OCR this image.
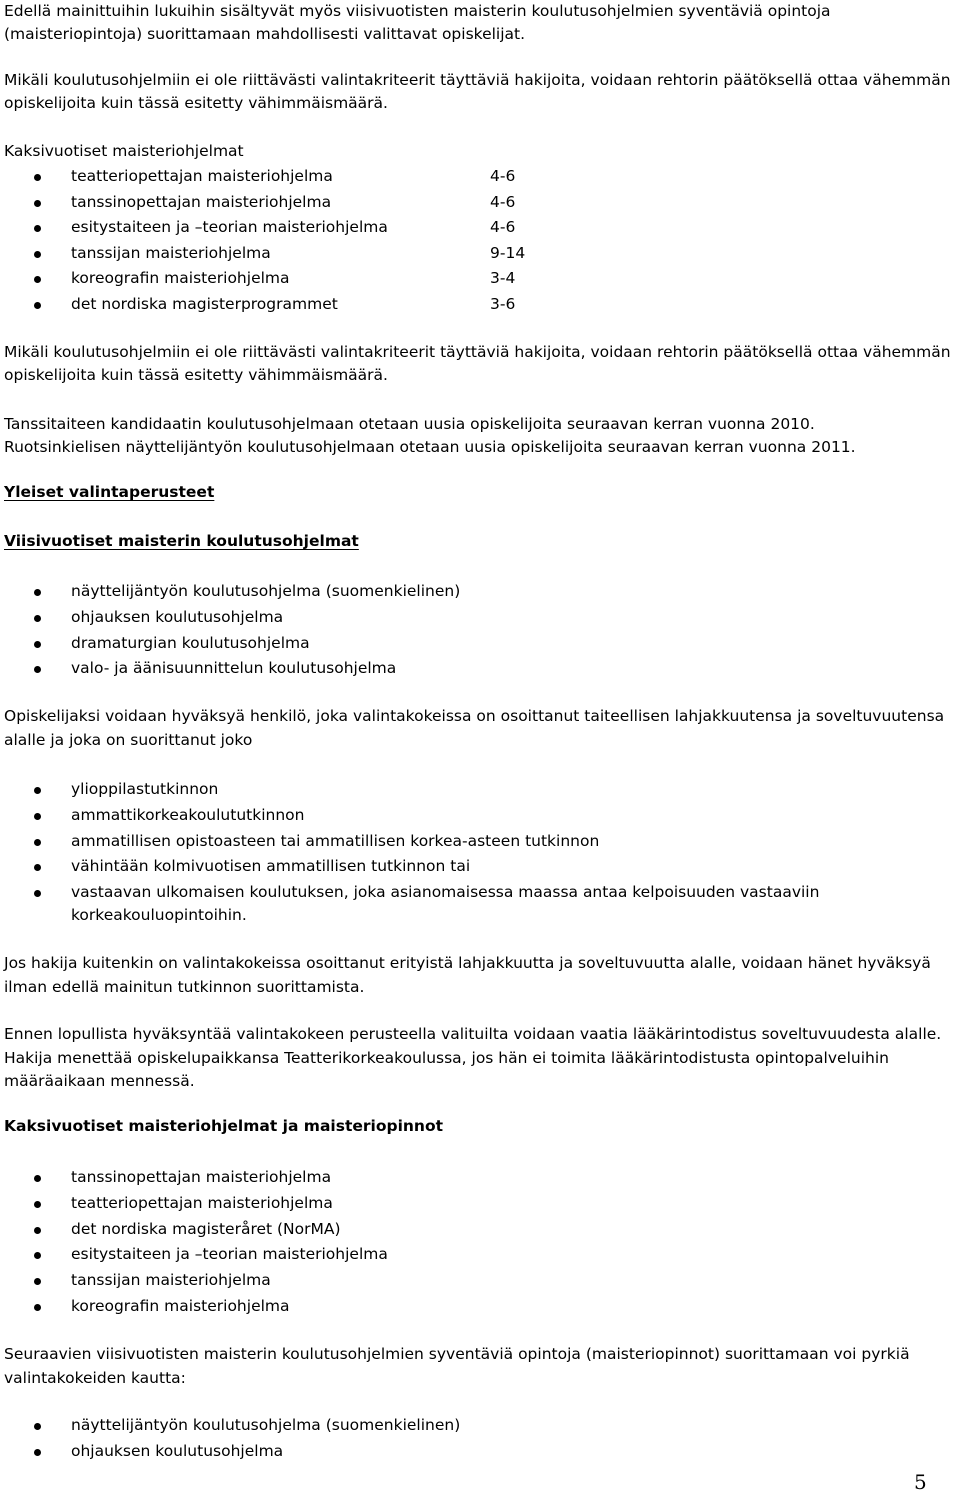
Edellä mainittuihin lukuihin sisältyvät myös viisivuotisten maisterin koulutusohjelmien syventäviä opintoja (maisteriopintoja) suorittamaan mahdollisesti valittavat opiskelijat.

Mikäli koulutusohjelmiin ei ole riittävästi valintakriteerit täyttäviä hakijoita, voidaan rehtorin päätöksellä ottaa vähemmän opiskelijoita kuin tässä esitetty vähimmäismäärä.

Kaksivuotiset maisteriohjelmat

teatteriopettajan maisteriohjelma	4-6
tanssinopettajan maisteriohjelma	4-6
esitystaiteen ja –teorian maisteriohjelma	4-6
tanssijan maisteriohjelma	9-14
koreografin maisteriohjelma	3-4
det nordiska magisterprogrammet	3-6

Mikäli koulutusohjelmiin ei ole riittävästi valintakriteerit täyttäviä hakijoita, voidaan rehtorin päätöksellä ottaa vähemmän opiskelijoita kuin tässä esitetty vähimmäismäärä.

Tanssitaiteen kandidaatin koulutusohjelmaan otetaan uusia opiskelijoita seuraavan kerran vuonna 2010.

Ruotsinkielisen näyttelijäntyön koulutusohjelmaan otetaan uusia opiskelijoita seuraavan kerran vuonna 2011.

Yleiset valintaperusteet
Viisivuotiset maisterin koulutusohjelmat
näyttelijäntyön koulutusohjelma (suomenkielinen)
ohjauksen koulutusohjelma
dramaturgian koulutusohjelma
valo- ja äänisuunnittelun koulutusohjelma

Opiskelijaksi voidaan hyväksyä henkilö, joka valintakokeissa on osoittanut taiteellisen lahjakkuutensa ja soveltuvuutensa alalle ja joka on suorittanut joko

ylioppilastutkinnon
ammattikorkeakoulututkinnon
ammatillisen opistoasteen tai ammatillisen korkea-asteen tutkinnon
vähintään kolmivuotisen ammatillisen tutkinnon tai
vastaavan ulkomaisen koulutuksen, joka asianomaisessa maassa antaa kelpoisuuden vastaaviin korkeakouluopintoihin.

Jos hakija kuitenkin on valintakokeissa osoittanut erityistä lahjakkuutta ja soveltuvuutta alalle, voidaan hänet hyväksyä ilman edellä mainitun tutkinnon suorittamista.

Ennen lopullista hyväksyntää valintakokeen perusteella valituilta voidaan vaatia lääkärintodistus soveltuvuudesta alalle. Hakija menettää opiskelupaikkansa Teatterikorkeakoulussa, jos hän ei toimita lääkärintodistusta opintopalveluihin määräaikaan mennessä.

Kaksivuotiset maisteriohjelmat ja maisteriopinnot
tanssinopettajan maisteriohjelma
teatteriopettajan maisteriohjelma
det nordiska magisteråret (NorMA)
esitystaiteen ja –teorian maisteriohjelma
tanssijan maisteriohjelma
koreografin maisteriohjelma

Seuraavien viisivuotisten maisterin koulutusohjelmien syventäviä opintoja (maisteriopinnot) suorittamaan voi pyrkiä valintakokeiden kautta:

näyttelijäntyön koulutusohjelma (suomenkielinen)
ohjauksen koulutusohjelma
5
